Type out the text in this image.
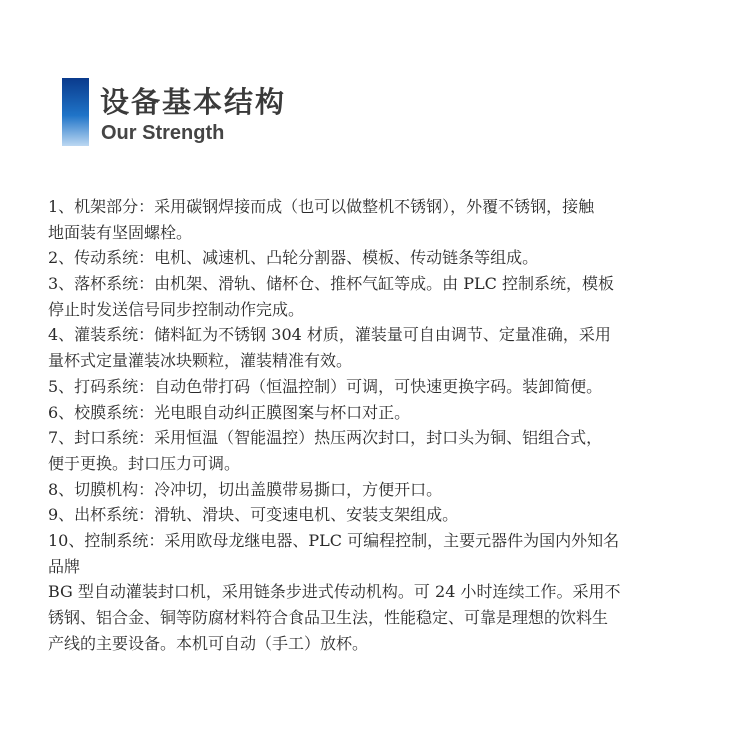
设备基本结构
Our Strength
1、机架部分：采用碳钢焊接而成（也可以做整机不锈钢），外覆不锈钢，接触
地面装有坚固螺栓。
2、传动系统：电机、减速机、凸轮分割器、模板、传动链条等组成。
3、落杯系统：由机架、滑轨、储杯仓、推杯气缸等成。由 PLC 控制系统，模板
停止时发送信号同步控制动作完成。
4、灌装系统：储料缸为不锈钢 304 材质，灌装量可自由调节、定量准确，采用
量杯式定量灌装冰块颗粒，灌装精准有效。
5、打码系统：自动色带打码（恒温控制）可调，可快速更换字码。装卸简便。
6、校膜系统：光电眼自动纠正膜图案与杯口对正。
7、封口系统：采用恒温（智能温控）热压两次封口，封口头为铜、铝组合式，
便于更换。封口压力可调。
8、切膜机构：冷冲切，切出盖膜带易撕口，方便开口。
9、出杯系统：滑轨、滑块、可变速电机、安装支架组成。
10、控制系统：采用欧母龙继电器、PLC 可编程控制，主要元器件为国内外知名
品牌
BG 型自动灌装封口机，采用链条步进式传动机构。可 24 小时连续工作。采用不
锈钢、铝合金、铜等防腐材料符合食品卫生法，性能稳定、可靠是理想的饮料生
产线的主要设备。本机可自动（手工）放杯。
